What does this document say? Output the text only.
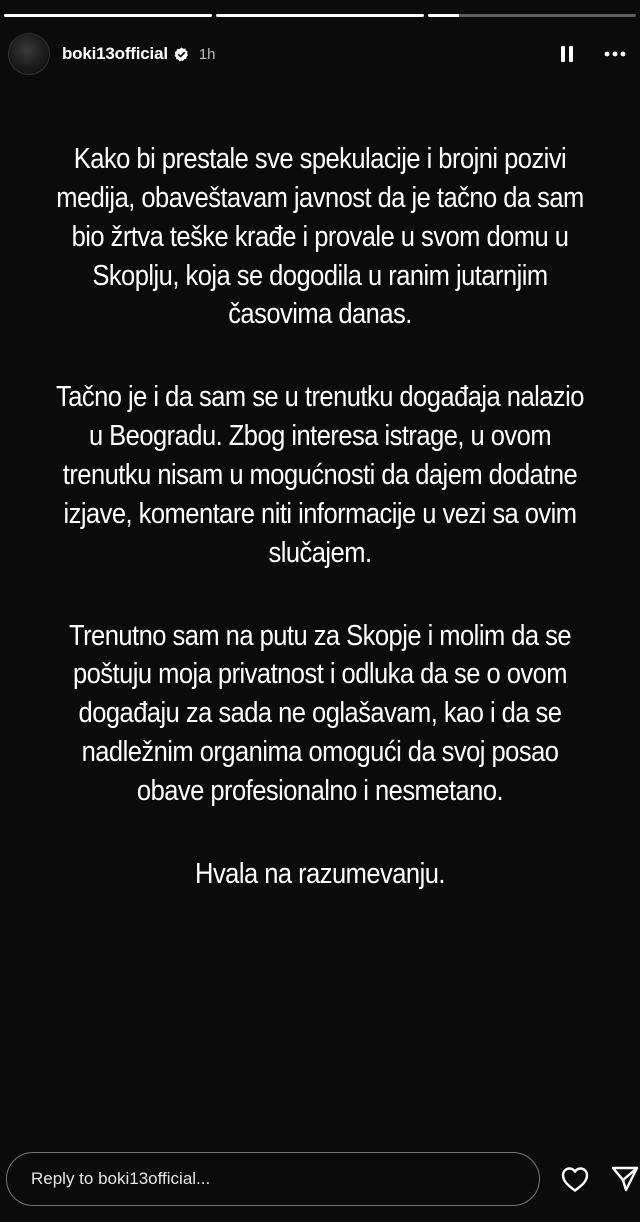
boki13official 1h

Kako bi prestale sve spekulacije i brojni pozivi medija, obaveštavam javnost da je tačno da sam bio žrtva teške krađe i provale u svom domu u Skoplju, koja se dogodila u ranim jutarnjim časovima danas.

Tačno je i da sam se u trenutku događaja nalazio u Beogradu. Zbog interesa istrage, u ovom trenutku nisam u mogućnosti da dajem dodatne izjave, komentare niti informacije u vezi sa ovim slučajem.

Trenutno sam na putu za Skopje i molim da se poštuju moja privatnost i odluka da se o ovom događaju za sada ne oglašavam, kao i da se nadležnim organima omogući da svoj posao obave profesionalno i nesmetano.

Hvala na razumevanju.

Reply to boki13official...
